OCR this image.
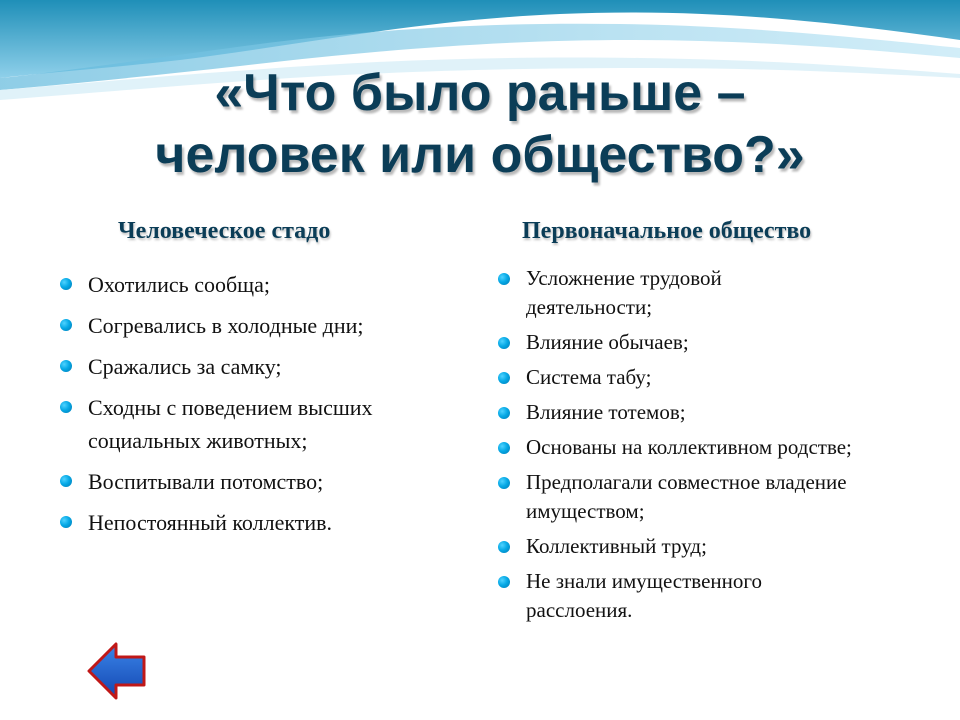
«Что было раньше –
человек или общество?»
Человеческое стадо	Первоначальное общество
Охотились сообща;
Согревались в холодные дни;
Сражались за самку;
Сходны с поведением высших социальных животных;
Воспитывали потомство;
Непостоянный коллектив.
Усложнение трудовой деятельности;
Влияние обычаев;
Система табу;
Влияние тотемов;
Основаны на коллективном родстве;
Предполагали совместное владение имуществом;
Коллективный труд;
Не знали имущественного расслоения.
